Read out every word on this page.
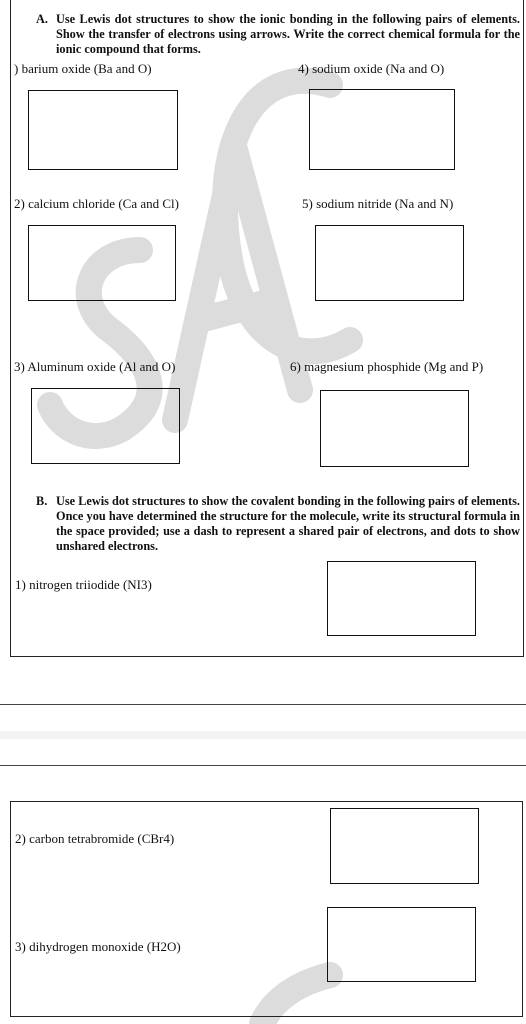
A. Use Lewis dot structures to show the ionic bonding in the following pairs of elements. Show the transfer of electrons using arrows. Write the correct chemical formula for the ionic compound that forms.
) barium oxide (Ba and O)	4) sodium oxide (Na and O)
2) calcium chloride (Ca and Cl)	5) sodium nitride (Na and N)
3) Aluminum oxide (Al and O)	6) magnesium phosphide (Mg and P)
B. Use Lewis dot structures to show the covalent bonding in the following pairs of elements. Once you have determined the structure for the molecule, write its structural formula in the space provided; use a dash to represent a shared pair of electrons, and dots to show unshared electrons.
1) nitrogen triiodide (NI3)
2) carbon tetrabromide (CBr4)
3) dihydrogen monoxide (H2O)
